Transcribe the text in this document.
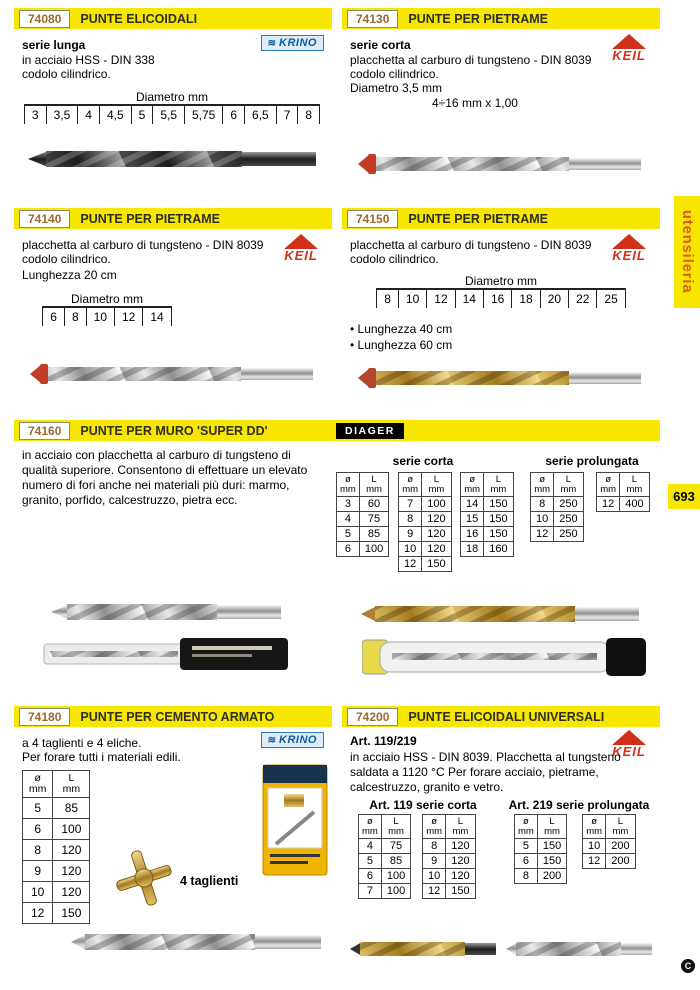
74080	PUNTE ELICOIDALI
serie lunga	≋ KRINO
in acciaio HSS - DIN 338
codolo cilindrico.
Diametro mm
3	3,5	4	4,5	5	5,5	5,75	6	6,5	7	8
74130	PUNTE PER PIETRAME
serie corta
KEIL
placchetta al carburo di tungsteno - DIN 8039
codolo cilindrico.
Diametro 3,5 mm
4÷16 mm x 1,00
74140	PUNTE PER PIETRAME
KEIL
placchetta al carburo di tungsteno - DIN 8039
codolo cilindrico.
Lunghezza 20 cm
Diametro mm
6	8	10	12	14
74150	PUNTE PER PIETRAME
KEIL
placchetta al carburo di tungsteno - DIN 8039
codolo cilindrico.
Diametro mm
8	10	12	14	16	18	20	22	25
• Lunghezza 40 cm
• Lunghezza 60 cm
74160	PUNTE PER MURO 'SUPER DD'	DIAGER
in acciaio con placchetta al carburo di tungsteno di qualità superiore. Consentono di effettuare un elevato numero di fori anche nei materiali più duri: marmo, granito, porfido, calcestruzzo, pietra ecc.
serie corta	serie prolungata
ø
mm	L
mm
3	60
4	75
5	85
6	100
ø
mm	L
mm
7	100
8	120
9	120
10	120
12	150
ø
mm	L
mm
14	150
15	150
16	150
18	160
ø
mm	L
mm
8	250
10	250
12	250
ø
mm	L
mm
12	400
74180	PUNTE PER CEMENTO ARMATO
≋ KRINO
a 4 taglienti e 4 eliche.
Per forare tutti i materiali edili.
ø
mm	L
mm
5	85
6	100
8	120
9	120
10	120
12	150
4 taglienti
74200	PUNTE ELICOIDALI UNIVERSALI
KEIL
Art. 119/219
in acciaio HSS - DIN 8039. Placchetta al tungsteno saldata a 1120 °C Per forare acciaio, pietrame, calcestruzzo, granito e vetro.
Art. 119 serie corta	Art. 219 serie prolungata
ø
mm	L
mm
4	75
5	85
6	100
7	100
ø
mm	L
mm
8	120
9	120
10	120
12	150
ø
mm	L
mm
5	150
6	150
8	200
ø
mm	L
mm
10	200
12	200
utensileria
693
C
